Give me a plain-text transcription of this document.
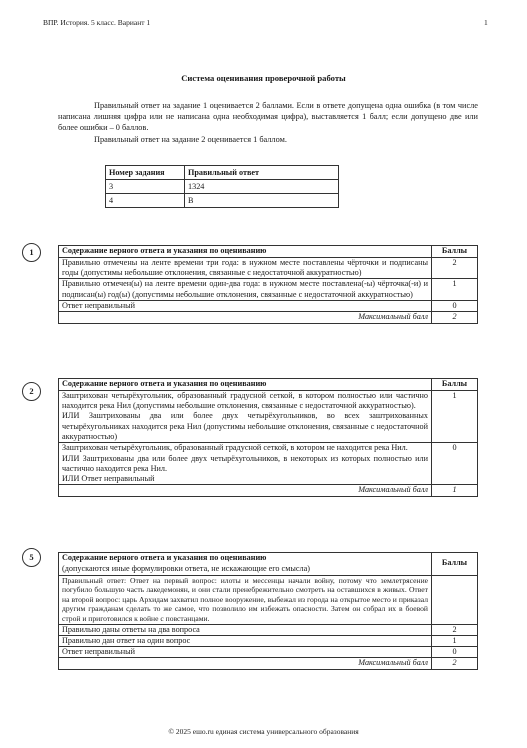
ВПР. История. 5 класс. Вариант 1	1
Система оценивания проверочной работы

Правильный ответ на задание 1 оценивается 2 баллами. Если в ответе допущена одна ошибка (в том числе написана лишняя цифра или не написана одна необходимая цифра), выставляется 1 балл; если допущено две или более ошибки – 0 баллов.

Правильный ответ на задание 2 оценивается 1 баллом.

Номер задания	Правильный ответ
3	1324
4	В
1	Содержание верного ответа и указания по оцениванию	Баллы
Правильно отмечены на ленте времени три года: в нужном месте поставлены чёрточки и подписаны годы (допустимы небольшие отклонения, связанные с недостаточной аккуратностью)	2
Правильно отмечен(ы) на ленте времени один-два года: в нужном месте поставлена(-ы) чёрточка(-и) и подписан(ы) год(ы) (допустимы небольшие отклонения, связанные с недостаточной аккуратностью)	1
Ответ неправильный	0
Максимальный балл	2
2
Содержание верного ответа и указания по оцениванию	Баллы

Заштрихован четырёхугольник, образованный градусной сеткой, в котором полностью или частично находится река Нил (допустимы небольшие отклонения, связанные с недостаточной аккуратностью).
ИЛИ Заштрихованы два или более двух четырёхугольников, во всех заштрихованных четырёхугольниках находится река Нил (допустимы небольшие отклонения, связанные с недостаточной аккуратностью)	1

Заштрихован четырёхугольник, образованный градусной сеткой, в котором не находится река Нил.
ИЛИ Заштрихованы два или более двух четырёхугольников, в некоторых из которых полностью или частично находится река Нил.
ИЛИ Ответ неправильный	0
Максимальный балл	1
5	Содержание верного ответа и указания по оцениванию
(допускаются иные формулировки ответа, не искажающие его смысла)	Баллы
Правильный ответ: Ответ на первый вопрос: илоты и мессенцы начали войну, потому что землетрясение погубило большую часть лакедемонян, и они стали пренебрежительно смотреть на оставшихся в живых. Ответ на второй вопрос: царь Архидам захватил полное вооружение, выбежал из города на открытое место и приказал другим гражданам сделать то же самое, что позволило им избежать опасности. Затем он собрал их в боевой строй и приготовился к войне с повстанцами.	
Правильно даны ответы на два вопроса	2
Правильно дан ответ на один вопрос	1
Ответ неправильный	0
Максимальный балл	2
© 2025 ешо.ru единая система универсального образования
